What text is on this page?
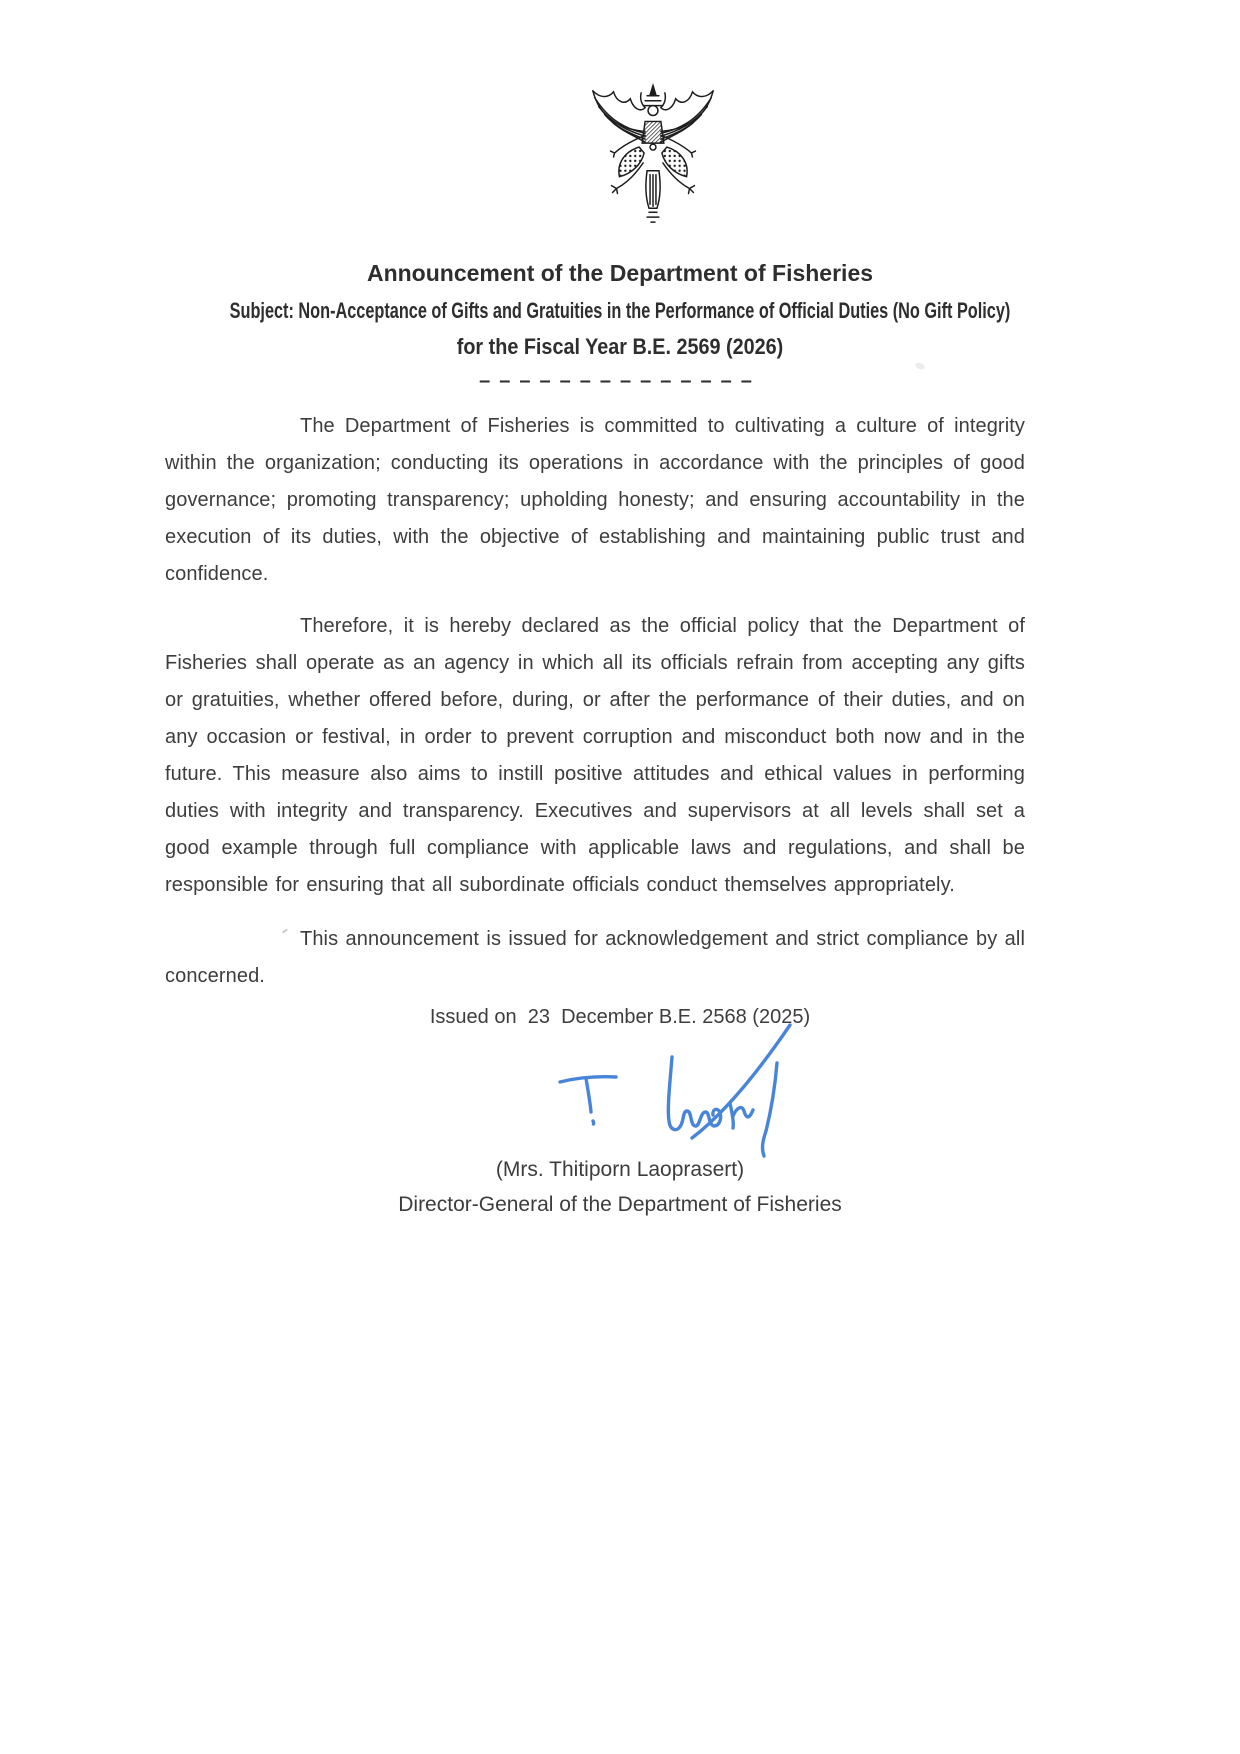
Announcement of the Department of Fisheries
Subject: Non-Acceptance of Gifts and Gratuities in the Performance of Official Duties (No Gift Policy)
for the Fiscal Year B.E. 2569 (2026)
––––––––––––––

The Department of Fisheries is committed to cultivating a culture of integrity within the organization; conducting its operations in accordance with the principles of good governance; promoting transparency; upholding honesty; and ensuring accountability in the execution of its duties, with the objective of establishing and maintaining public trust and confidence.

Therefore, it is hereby declared as the official policy that the Department of Fisheries shall operate as an agency in which all its officials refrain from accepting any gifts or gratuities, whether offered before, during, or after the performance of their duties, and on any occasion or festival, in order to prevent corruption and misconduct both now and in the future. This measure also aims to instill positive attitudes and ethical values in performing duties with integrity and transparency. Executives and supervisors at all levels shall set a good example through full compliance with applicable laws and regulations, and shall be responsible for ensuring that all subordinate officials conduct themselves appropriately.

This announcement is issued for acknowledgement and strict compliance by all concerned.

Issued on  23  December B.E. 2568 (2025)
(Mrs. Thitiporn Laoprasert)
Director-General of the Department of Fisheries
